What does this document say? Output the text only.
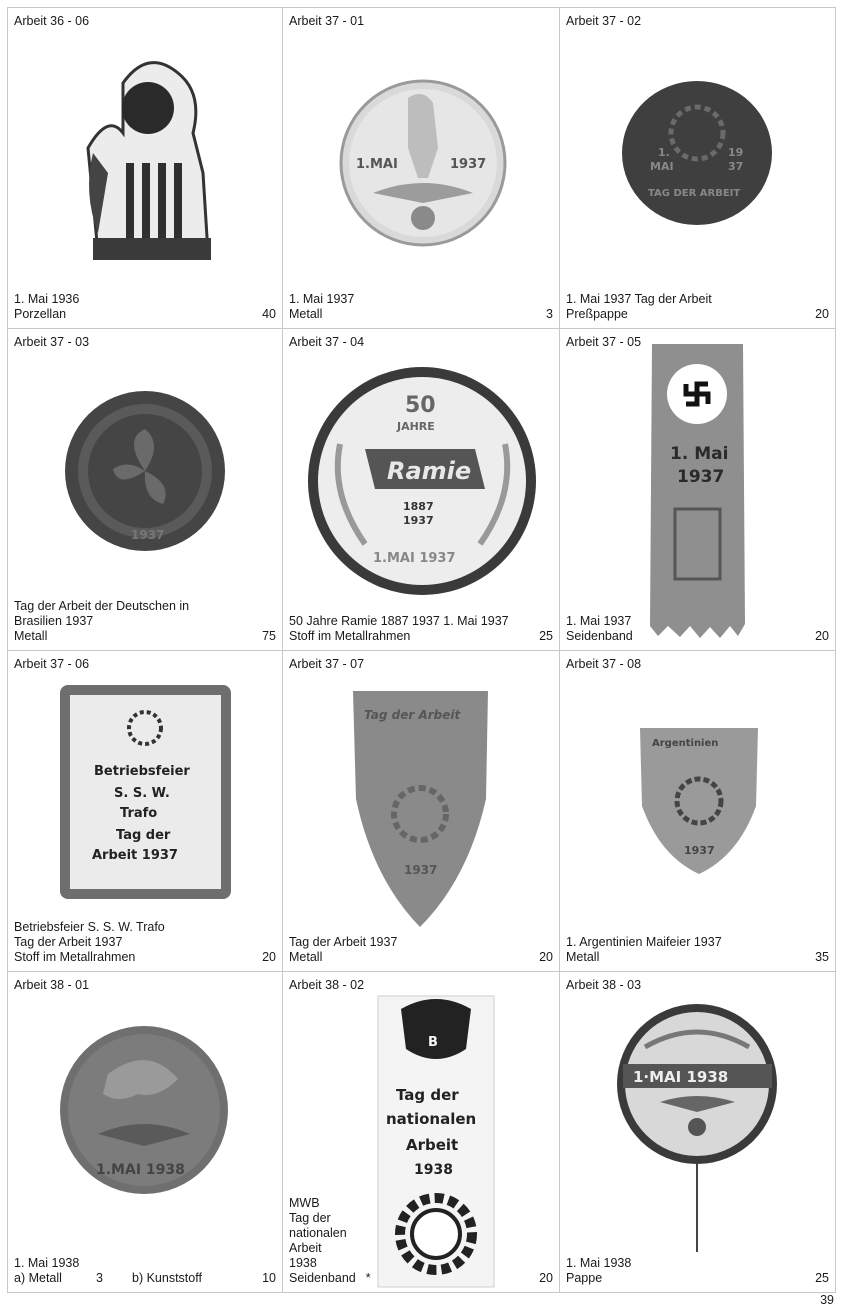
Arbeit 36 - 06
1. Mai 1936
Porzellan	40
Arbeit 37 - 01
1.MAI	1937
1. Mai 1937
Metall	3
Arbeit 37 - 02
1.
MAI
19
37
TAG DER ARBEIT
1. Mai 1937 Tag der Arbeit
Preßpappe	20
Arbeit 37 - 03
1937
Tag der Arbeit der Deutschen in
Brasilien 1937
Metall	75
Arbeit 37 - 04
50
JAHRE
Ramie
1887
1937
1.MAI 1937
50 Jahre Ramie 1887 1937 1. Mai 1937
Stoff im Metallrahmen	25
Arbeit 37 - 05
1. Mai
1937
1. Mai 1937
Seidenband	20
Arbeit 37 - 06
Betriebsfeier
S. S. W.
Trafo
Tag der
Arbeit 1937
Betriebsfeier S. S. W. Trafo
Tag der Arbeit 1937
Stoff im Metallrahmen	20
Arbeit 37 - 07
Tag der Arbeit
1937
Tag der Arbeit 1937
Metall	20
Arbeit 37 - 08
Argentinien
1937
1. Argentinien Maifeier 1937
Metall	35
Arbeit 38 - 01
1.MAI 1938
1. Mai 1938
a) Metall	3 b) Kunststoff	10
Arbeit 38 - 02
B
Tag der
nationalen
Arbeit
1938
MWB
Tag der
nationalen
Arbeit
1938
Seidenband *	20
Arbeit 38 - 03
1·MAI 1938
1. Mai 1938
Pappe	25
39
